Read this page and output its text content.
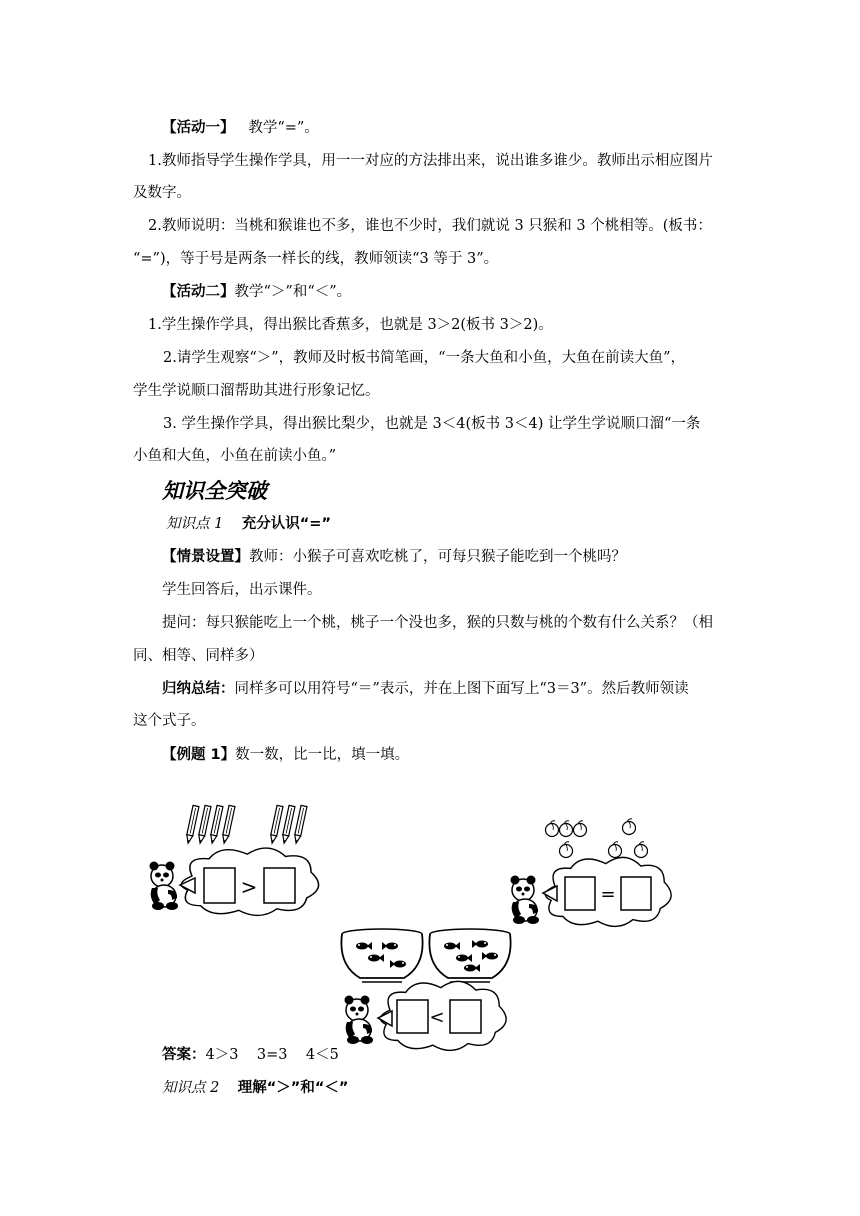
【活动一】 教学“=”。
1.教师指导学生操作学具，用一一对应的方法排出来，说出谁多谁少。教师出示相应图片
及数字。
2.教师说明：当桃和猴谁也不多，谁也不少时，我们就说 3 只猴和 3 个桃相等。(板书：
“=”)，等于号是两条一样长的线，教师领读“3 等于 3”。
【活动二】教学“＞”和“＜”。
1.学生操作学具，得出猴比香蕉多，也就是 3＞2(板书 3＞2)。
2.请学生观察“＞”，教师及时板书简笔画，“一条大鱼和小鱼，大鱼在前读大鱼”，
学生学说顺口溜帮助其进行形象记忆。
3. 学生操作学具，得出猴比梨少，也就是 3＜4(板书 3＜4) 让学生学说顺口溜“一条
小鱼和大鱼，小鱼在前读小鱼。”
知识全突破
知识点 1 充分认识“=”
【情景设置】教师：小猴子可喜欢吃桃了，可每只猴子能吃到一个桃吗？
学生回答后，出示课件。
提问：每只猴能吃上一个桃，桃子一个没也多，猴的只数与桃的个数有什么关系？（相
同、相等、同样多）
归纳总结：同样多可以用符号“＝”表示，并在上图下面写上“3＝3”。然后教师领读
这个式子。
【例题 1】数一数，比一比，填一填。
>	=
<
答案：4＞3    3=3    4＜5
知识点 2 理解“＞”和“＜”
